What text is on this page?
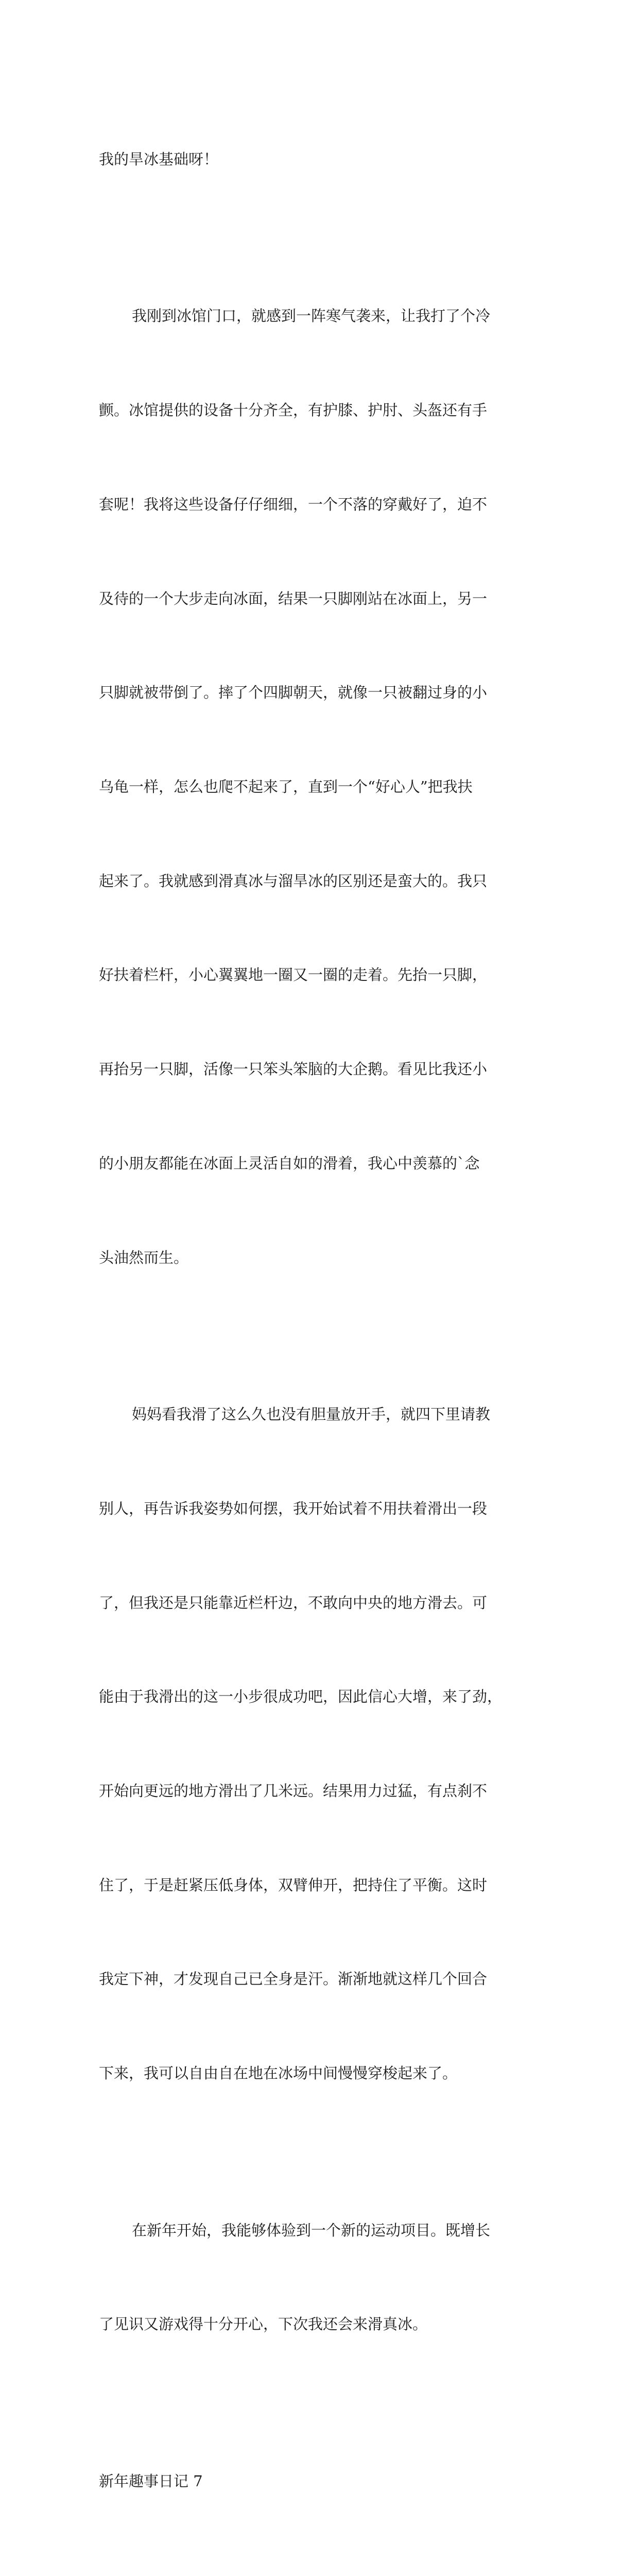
我的旱冰基础呀！

我刚到冰馆门口，就感到一阵寒气袭来，让我打了个冷

颤。冰馆提供的设备十分齐全，有护膝、护肘、头盔还有手

套呢！我将这些设备仔仔细细，一个不落的穿戴好了，迫不

及待的一个大步走向冰面，结果一只脚刚站在冰面上，另一

只脚就被带倒了。摔了个四脚朝天，就像一只被翻过身的小

乌龟一样，怎么也爬不起来了，直到一个“好心人”把我扶

起来了。我就感到滑真冰与溜旱冰的区别还是蛮大的。我只

好扶着栏杆，小心翼翼地一圈又一圈的走着。先抬一只脚，

再抬另一只脚，活像一只笨头笨脑的大企鹅。看见比我还小

的小朋友都能在冰面上灵活自如的滑着，我心中羡慕的`念

头油然而生。

妈妈看我滑了这么久也没有胆量放开手，就四下里请教

别人，再告诉我姿势如何摆，我开始试着不用扶着滑出一段

了，但我还是只能靠近栏杆边，不敢向中央的地方滑去。可

能由于我滑出的这一小步很成功吧，因此信心大增，来了劲，

开始向更远的地方滑出了几米远。结果用力过猛，有点刹不

住了，于是赶紧压低身体，双臂伸开，把持住了平衡。这时

我定下神，才发现自己已全身是汗。渐渐地就这样几个回合

下来，我可以自由自在地在冰场中间慢慢穿梭起来了。

在新年开始，我能够体验到一个新的运动项目。既增长

了见识又游戏得十分开心，下次我还会来滑真冰。

新年趣事日记 7
